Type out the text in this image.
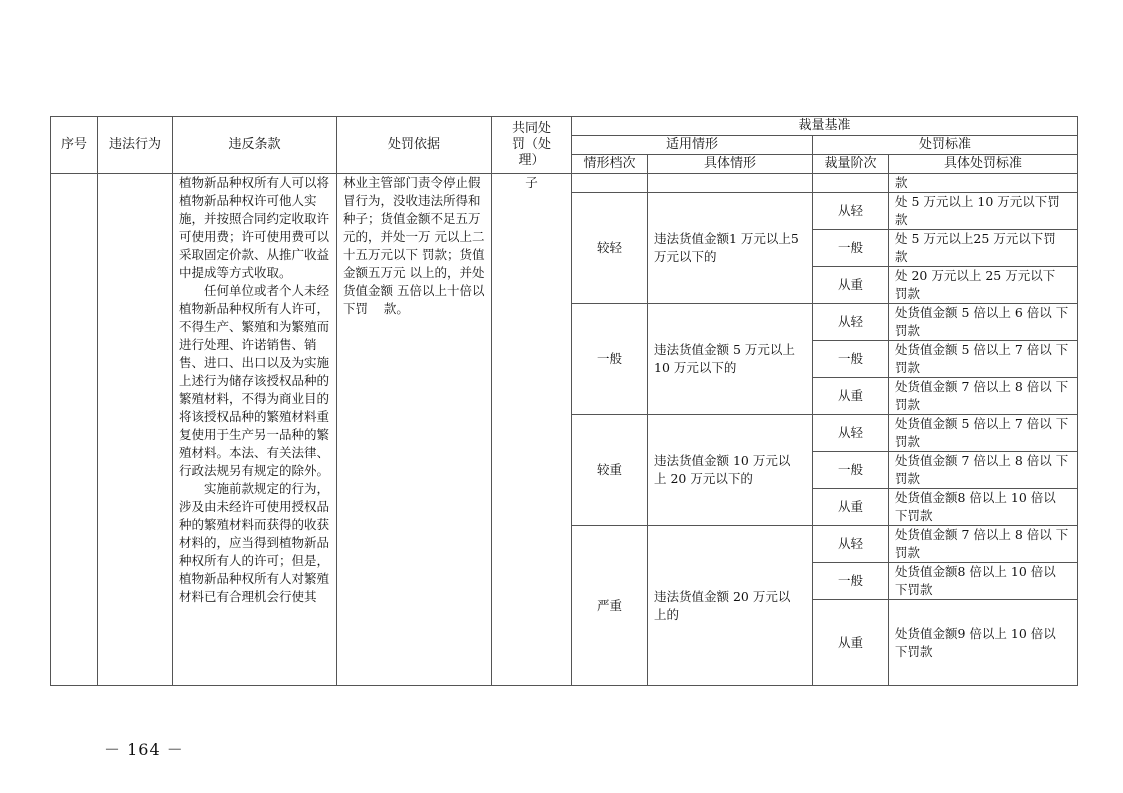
序号	违法行为	违反条款	处罚依据	共同处罚（处理）	裁量基准			
					适用情形		处罚标准	
					情形档次	具体情形	裁量阶次	具体处罚标准

		植物新品种权所有人可以将植物新品种权许可他人实施，并按照合同约定收取许可使用费；许可使用费可以采取固定价款、从推广收益中提成等方式收取。
任何单位或者个人未经植物新品种权所有人许可，不得生产、繁殖和为繁殖而进行处理、许诺销售、销售、进口、出口以及为实施上述行为储存该授权品种的繁殖材料，不得为商业目的将该授权品种的繁殖材料重复使用于生产另一品种的繁殖材料。本法、有关法律、行政法规另有规定的除外。
实施前款规定的行为，涉及由未经许可使用授权品种的繁殖材料而获得的收获材料的，应当得到植物新品种权所有人的许可；但是，植物新品种权所有人对繁殖材料已有合理机会行使其	林业主管部门责令停止假冒行为，没收违法所得和种子；货值金额不足五万元的，并处一万 元以上二十五万元以下 罚款；货值金额五万元 以上的，并处货值金额 五倍以上十倍以下罚    款。	子				款
					较轻	违法货值金额1 万元以上5 万元以下的	从轻	处 5 万元以上 10 万元以下罚 款
							一般	处 5 万元以上25 万元以下罚 款
							从重	处 20 万元以上 25 万元以下 罚款
					一般	违法货值金额 5 万元以上 10 万元以下的	从轻	处货值金额 5 倍以上 6 倍以 下罚款
							一般	处货值金额 5 倍以上 7 倍以 下罚款
							从重	处货值金额 7 倍以上 8 倍以 下罚款
					较重	违法货值金额 10 万元以 上 20 万元以下的	从轻	处货值金额 5 倍以上 7 倍以 下罚款
							一般	处货值金额 7 倍以上 8 倍以 下罚款
							从重	处货值金额8 倍以上 10 倍以 下罚款
					严重	违法货值金额 20 万元以 上的	从轻	处货值金额 7 倍以上 8 倍以 下罚款
							一般	处货值金额8 倍以上 10 倍以 下罚款
							从重	处货值金额9 倍以上 10 倍以 下罚款
－ 164 －
